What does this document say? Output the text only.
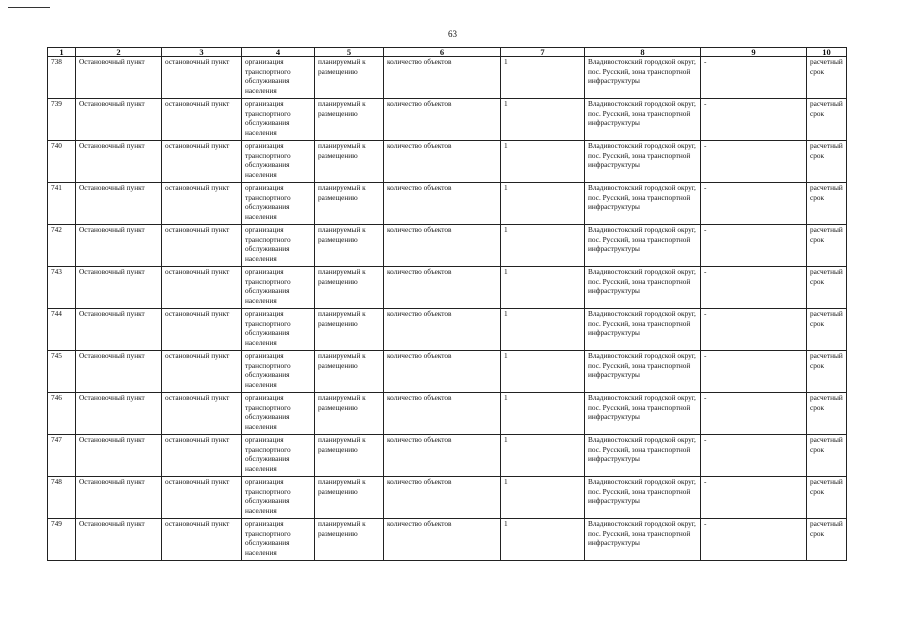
63
1	2	3	4	5	6	7	8	9	10
738	Остановочный пункт	остановочный пункт	организация транспортного обслуживания населения	планируемый к размещению	количество объектов	1	Владивостокский городской округ, пос. Русский, зона транспортной инфраструктуры	-	расчетный срок
739	Остановочный пункт	остановочный пункт	организация транспортного обслуживания населения	планируемый к размещению	количество объектов	1	Владивостокский городской округ, пос. Русский, зона транспортной инфраструктуры	-	расчетный срок
740	Остановочный пункт	остановочный пункт	организация транспортного обслуживания населения	планируемый к размещению	количество объектов	1	Владивостокский городской округ, пос. Русский, зона транспортной инфраструктуры	-	расчетный срок
741	Остановочный пункт	остановочный пункт	организация транспортного обслуживания населения	планируемый к размещению	количество объектов	1	Владивостокский городской округ, пос. Русский, зона транспортной инфраструктуры	-	расчетный срок
742	Остановочный пункт	остановочный пункт	организация транспортного обслуживания населения	планируемый к размещению	количество объектов	1	Владивостокский городской округ, пос. Русский, зона транспортной инфраструктуры	-	расчетный срок
743	Остановочный пункт	остановочный пункт	организация транспортного обслуживания населения	планируемый к размещению	количество объектов	1	Владивостокский городской округ, пос. Русский, зона транспортной инфраструктуры	-	расчетный срок
744	Остановочный пункт	остановочный пункт	организация транспортного обслуживания населения	планируемый к размещению	количество объектов	1	Владивостокский городской округ, пос. Русский, зона транспортной инфраструктуры	-	расчетный срок
745	Остановочный пункт	остановочный пункт	организация транспортного обслуживания населения	планируемый к размещению	количество объектов	1	Владивостокский городской округ, пос. Русский, зона транспортной инфраструктуры	-	расчетный срок
746	Остановочный пункт	остановочный пункт	организация транспортного обслуживания населения	планируемый к размещению	количество объектов	1	Владивостокский городской округ, пос. Русский, зона транспортной инфраструктуры	-	расчетный срок
747	Остановочный пункт	остановочный пункт	организация транспортного обслуживания населения	планируемый к размещению	количество объектов	1	Владивостокский городской округ, пос. Русский, зона транспортной инфраструктуры	-	расчетный срок
748	Остановочный пункт	остановочный пункт	организация транспортного обслуживания населения	планируемый к размещению	количество объектов	1	Владивостокский городской округ, пос. Русский, зона транспортной инфраструктуры	-	расчетный срок
749	Остановочный пункт	остановочный пункт	организация транспортного обслуживания населения	планируемый к размещению	количество объектов	1	Владивостокский городской округ, пос. Русский, зона транспортной инфраструктуры	-	расчетный срок
